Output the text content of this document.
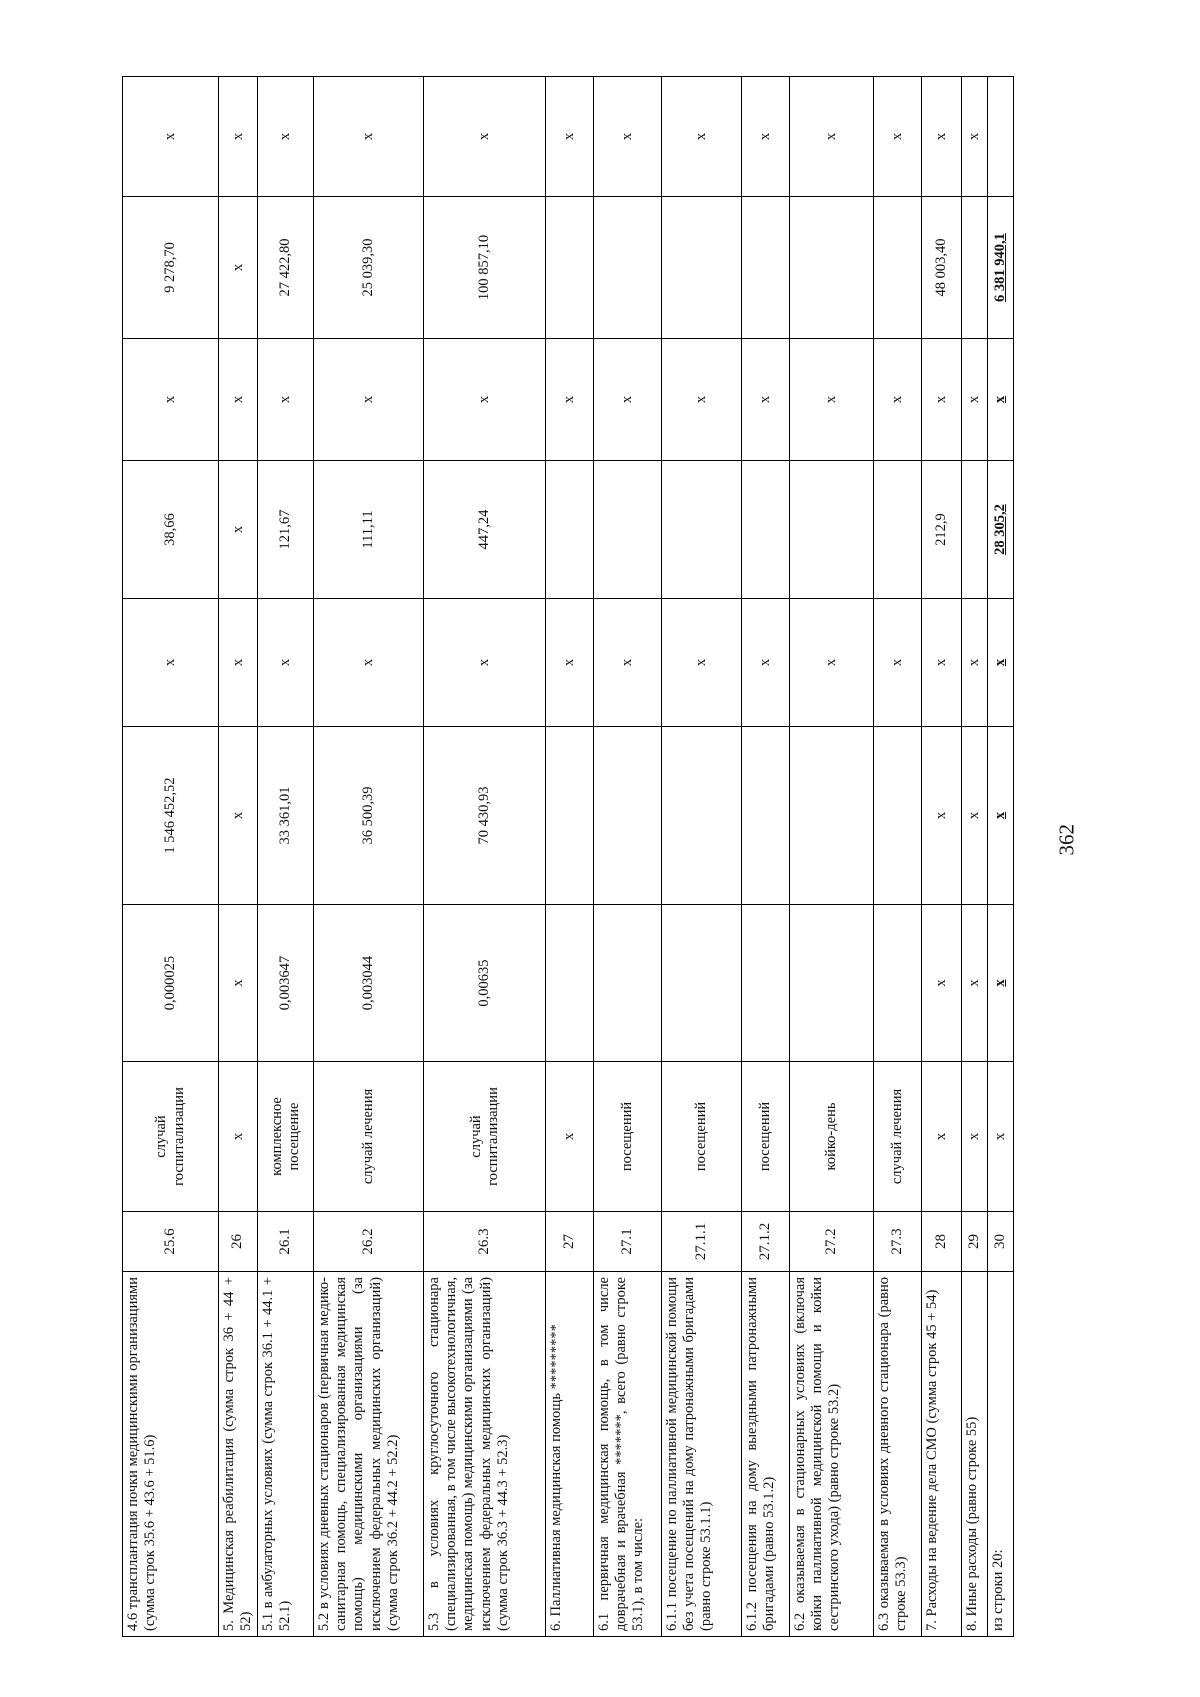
4.6 трансплантация почки медицинскими организациями (сумма строк 35.6 + 43.6 + 51.6)	25.6	случай госпитализации	0,000025	1 546 452,52	x	38,66	x	9 278,70	x
5. Медицинская реабилитация (сумма строк 36 + 44 + 52)	26	x	x	x	x	x	x	x	x
5.1 в амбулаторных условиях (сумма строк 36.1 + 44.1 + 52.1)	26.1	комплексное посещение	0,003647	33 361,01	x	121,67	x	27 422,80	x
5.2 в условиях дневных стационаров (первичная медико-санитарная помощь, специализированная медицинская помощь) медицинскими организациями (за исключением федеральных медицинских организаций) (сумма строк 36.2 + 44.2 + 52.2)	26.2	случай лечения	0,003044	36 500,39	x	111,11	x	25 039,30	x
5.3 в условиях круглосуточного стационара (специализированная, в том числе высокотехнологичная, медицинская помощь) медицинскими организациями (за исключением федеральных медицинских организаций) (сумма строк 36.3 + 44.3 + 52.3)	26.3	случай госпитализации	0,00635	70 430,93	x	447,24	x	100 857,10	x
6. Паллиативная медицинская помощь *********	27	x			x		x		x
6.1 первичная медицинская помощь, в том числе доврачебная и врачебная *******, всего (равно строке 53.1), в том числе:	27.1	посещений			x		x		x
6.1.1 посещение по паллиативной медицинской помощи без учета посещений на дому патронажными бригадами (равно строке 53.1.1)	27.1.1	посещений			x		x		x
6.1.2 посещения на дому выездными патронажными бригадами (равно 53.1.2)	27.1.2	посещений			x		x		x
6.2 оказываемая в стационарных условиях (включая койки паллиативной медицинской помощи и койки сестринского ухода) (равно строке 53.2)	27.2	койко-день			x		x		x
6.3 оказываемая в условиях дневного стационара (равно строке 53.3)	27.3	случай лечения			x		x		x
7. Расходы на ведение дела СМО (сумма строк 45 + 54)	28	x	x	x	x	212,9	x	48 003,40	x
8. Иные расходы (равно строке 55)	29	x	x	x	x		x		x
из строки 20:	30	x	x	x	x	28 305,2	x	6 381 940,1	
362
